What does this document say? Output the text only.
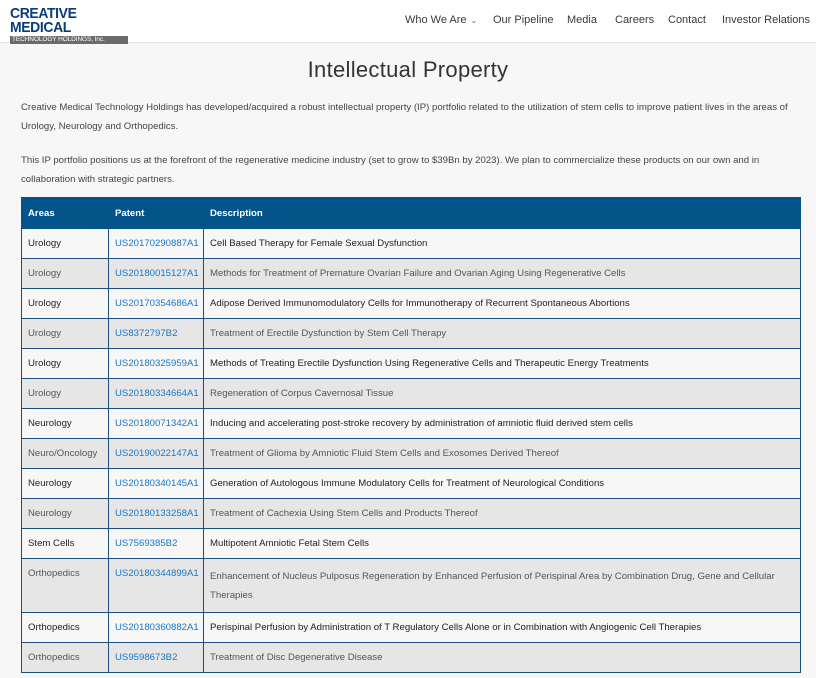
CREATIVE MEDICAL
TECHNOLOGY HOLDINGS, Inc.
Who We Are ⌄ Our Pipeline Media Careers Contact Investor Relations
Intellectual Property

Creative Medical Technology Holdings has developed/acquired a robust intellectual property (IP) portfolio related to the utilization of stem cells to improve patient lives in the areas of Urology, Neurology and Orthopedics.

This IP portfolio positions us at the forefront of the regenerative medicine industry (set to grow to $39Bn by 2023). We plan to commercialize these products on our own and in collaboration with strategic partners.

Areas	Patent	Description
Urology	US20170290887A1	Cell Based Therapy for Female Sexual Dysfunction
Urology	US20180015127A1	Methods for Treatment of Premature Ovarian Failure and Ovarian Aging Using Regenerative Cells
Urology	US20170354686A1	Adipose Derived Immunomodulatory Cells for Immunotherapy of Recurrent Spontaneous Abortions
Urology	US8372797B2	Treatment of Erectile Dysfunction by Stem Cell Therapy
Urology	US20180325959A1	Methods of Treating Erectile Dysfunction Using Regenerative Cells and Therapeutic Energy Treatments
Urology	US20180334664A1	Regeneration of Corpus Cavernosal Tissue
Neurology	US20180071342A1	Inducing and accelerating post-stroke recovery by administration of amniotic fluid derived stem cells
Neuro/Oncology	US20190022147A1	Treatment of Glioma by Amniotic Fluid Stem Cells and Exosomes Derived Thereof
Neurology	US20180340145A1	Generation of Autologous Immune Modulatory Cells for Treatment of Neurological Conditions
Neurology	US20180133258A1	Treatment of Cachexia Using Stem Cells and Products Thereof
Stem Cells	US7569385B2	Multipotent Amniotic Fetal Stem Cells
Orthopedics	US20180344899A1	Enhancement of Nucleus Pulposus Regeneration by Enhanced Perfusion of Perispinal Area by Combination Drug, Gene and Cellular Therapies
Orthopedics	US20180360882A1	Perispinal Perfusion by Administration of T Regulatory Cells Alone or in Combination with Angiogenic Cell Therapies
Orthopedics	US9598673B2	Treatment of Disc Degenerative Disease
